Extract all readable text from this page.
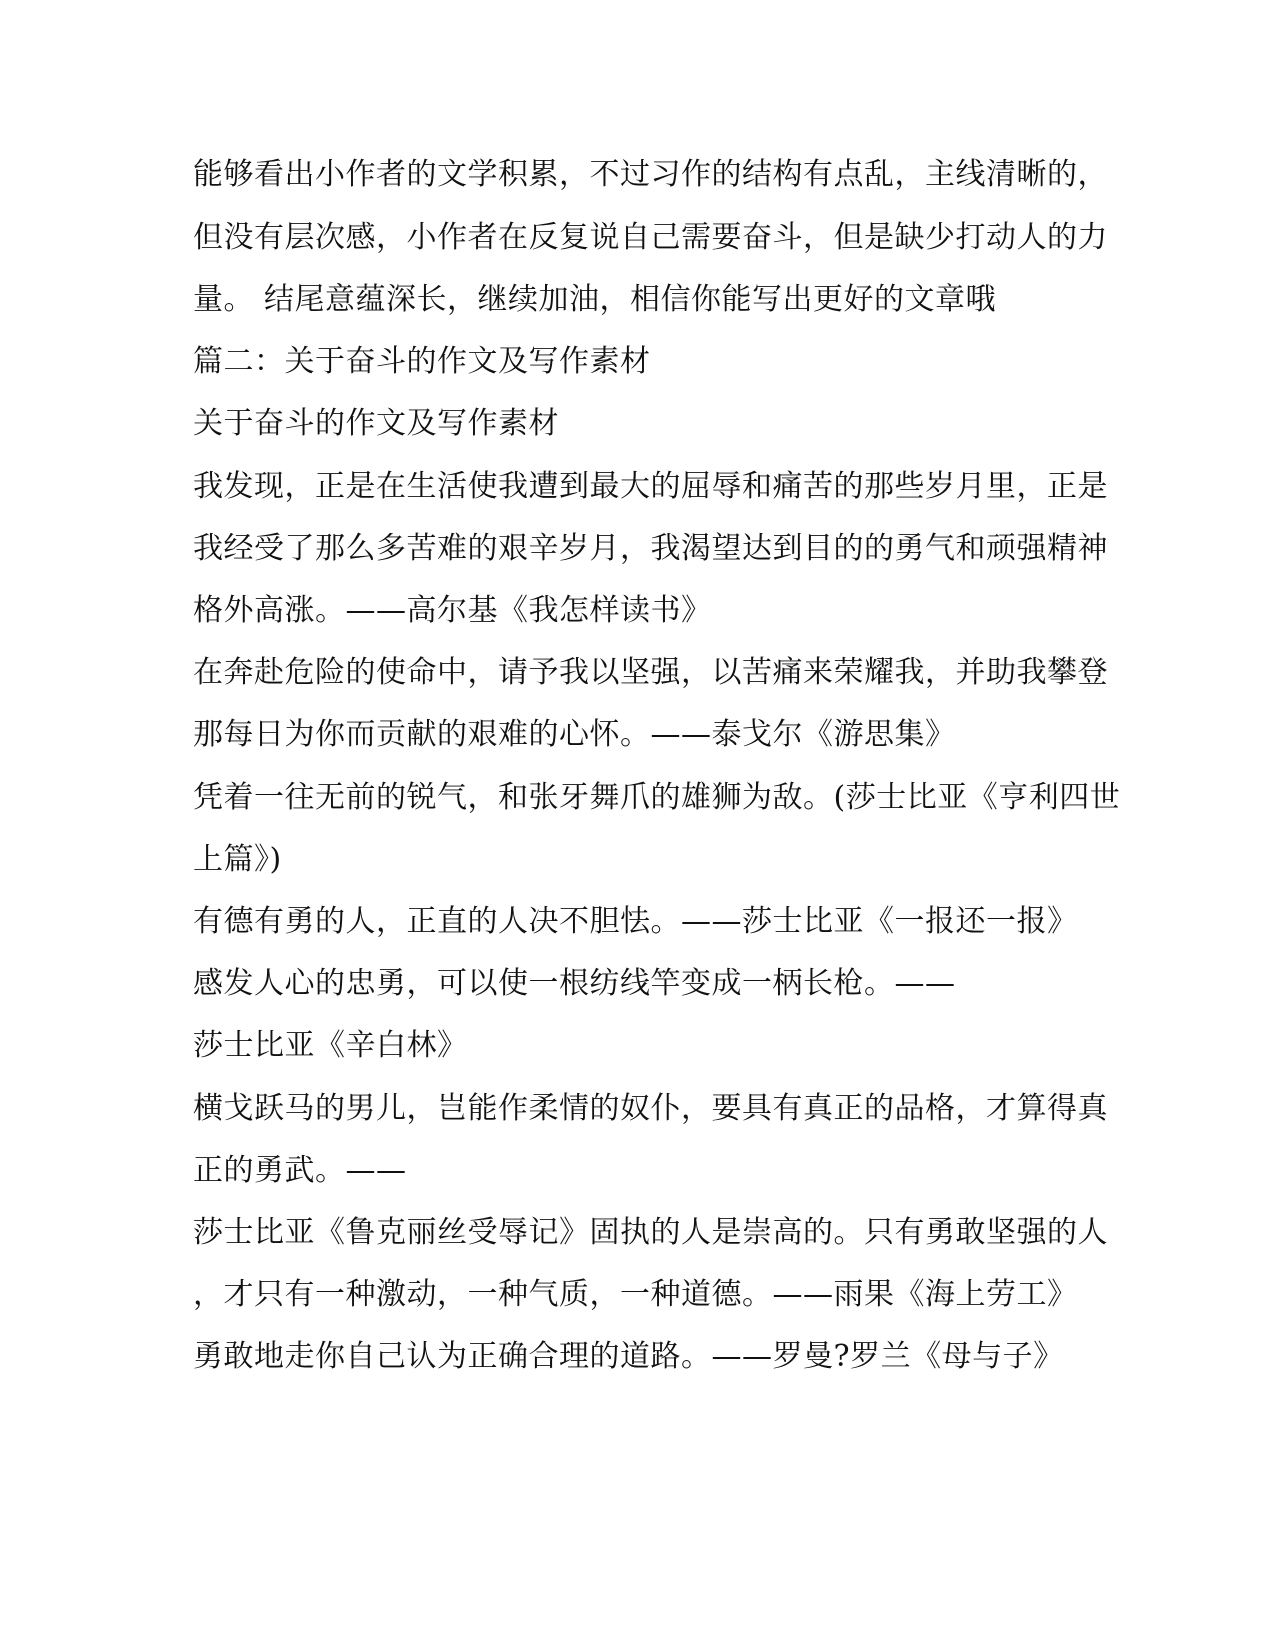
能够看出小作者的文学积累，不过习作的结构有点乱，主线清晰的，
但没有层次感，小作者在反复说自己需要奋斗，但是缺少打动人的力
量。 结尾意蕴深长，继续加油，相信你能写出更好的文章哦
篇二：关于奋斗的作文及写作素材
关于奋斗的作文及写作素材
我发现，正是在生活使我遭到最大的屈辱和痛苦的那些岁月里，正是
我经受了那么多苦难的艰辛岁月，我渴望达到目的的勇气和顽强精神
格外高涨。——高尔基《我怎样读书》
在奔赴危险的使命中，请予我以坚强，以苦痛来荣耀我，并助我攀登
那每日为你而贡献的艰难的心怀。——泰戈尔《游思集》
凭着一往无前的锐气，和张牙舞爪的雄狮为敌。(莎士比亚《亨利四世
上篇》)
有德有勇的人，正直的人决不胆怯。——莎士比亚《一报还一报》
感发人心的忠勇，可以使一根纺线竿变成一柄长枪。——
莎士比亚《辛白林》
横戈跃马的男儿，岂能作柔情的奴仆，要具有真正的品格，才算得真
正的勇武。——
莎士比亚《鲁克丽丝受辱记》固执的人是崇高的。只有勇敢坚强的人
，才只有一种激动，一种气质，一种道德。——雨果《海上劳工》
勇敢地走你自己认为正确合理的道路。——罗曼?罗兰《母与子》
